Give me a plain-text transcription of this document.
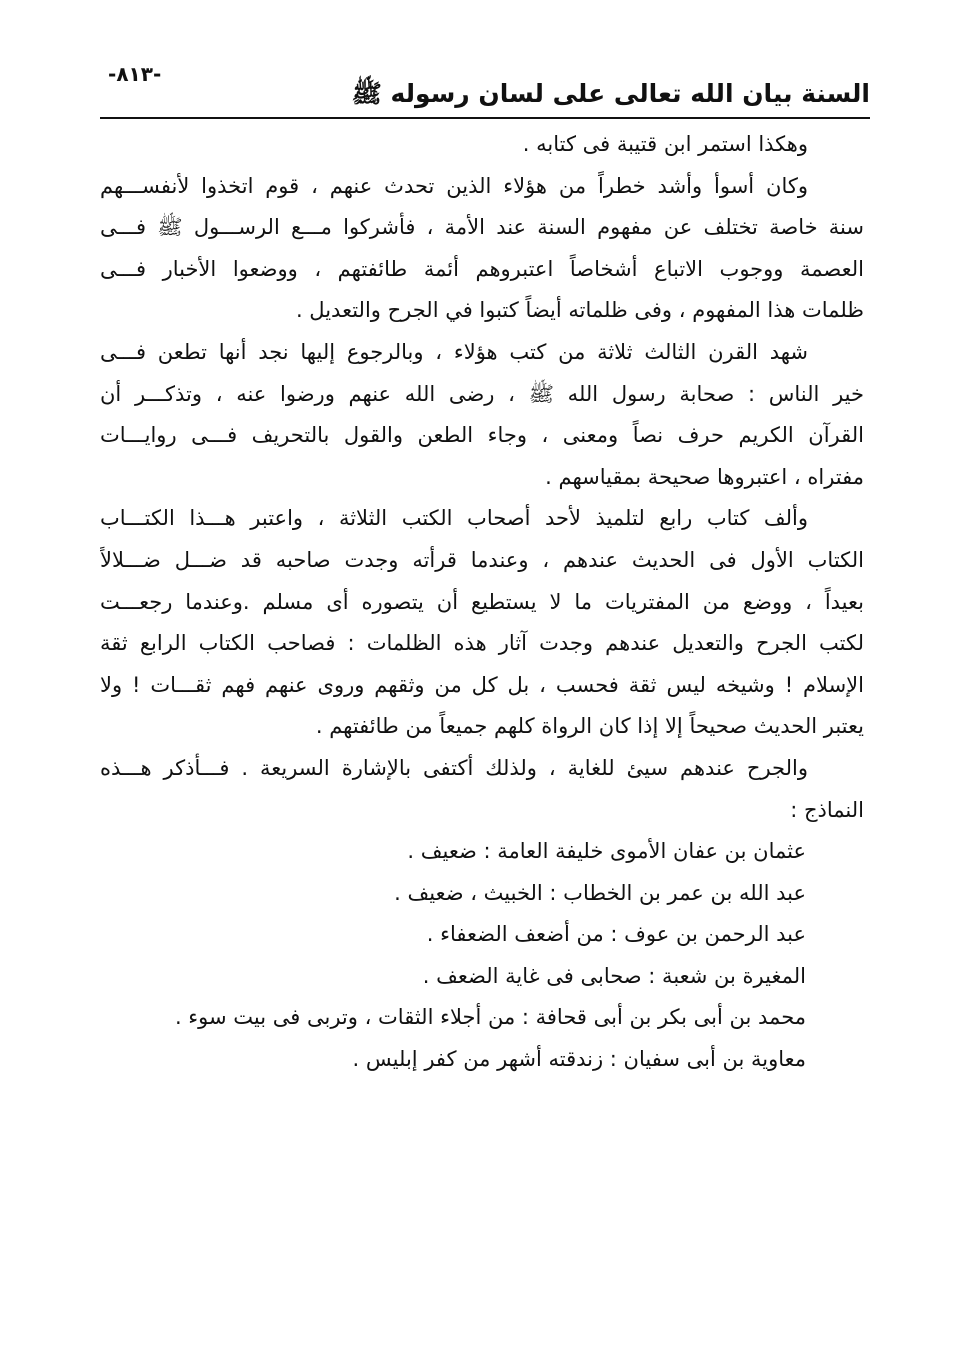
-٨١٣-
السنة بيان الله تعالى على لسان رسوله ﷺ
وهكذا استمر ابن قتيبة فى كتابه .
وكان أسوأ وأشد خطراً من هؤلاء الذين تحدث عنهم ، قوم اتخذوا لأنفســـهم
سنة خاصة تختلف عن مفهوم السنة عند الأمة ، فأشركوا مـــع الرســـول ﷺ فـــى
العصمة ووجوب الاتباع أشخاصاً اعتبروهم أئمة طائفتهم ، ووضعوا الأخبار فـــى
ظلمات هذا المفهوم ، وفى ظلماته أيضاً كتبوا في الجرح والتعديل .
شهد القرن الثالث ثلاثة من كتب هؤلاء ، وبالرجوع إليها نجد أنها تطعن فـــى
خير الناس : صحابة رسول الله ﷺ ، رضى الله عنهم ورضوا عنه ، وتذكـــر أن
القرآن الكريم حرف نصاً ومعنى ، وجاء الطعن والقول بالتحريف فـــى روايـــات
مفتراه ، اعتبروها صحيحة بمقياسهم .
وألف كتاب رابع لتلميذ لأحد أصحاب الكتب الثلاثة ، واعتبر هـــذا الكتـــاب
الكتاب الأول فى الحديث عندهم ، وعندما قرأته وجدت صاحبه قد ضـــل ضـــلالاً
بعيداً ، ووضع من المفتريات ما لا يستطيع أن يتصوره أى مسلم .وعندما رجعـــت
لكتب الجرح والتعديل عندهم وجدت آثار هذه الظلمات : فصاحب الكتاب الرابع ثقة
الإسلام ! وشيخه ليس ثقة فحسب ، بل كل من وثقهم وروى عنهم فهم ثقـــات ! ولا
يعتبر الحديث صحيحاً إلا إذا كان الرواة كلهم جميعاً من طائفتهم .
والجرح عندهم سيئ للغاية ، ولذلك أكتفى بالإشارة السريعة . فـــأذكر هـــذه
النماذج :
عثمان بن عفان الأموى خليفة العامة : ضعيف .
عبد الله بن عمر بن الخطاب : الخبيث ، ضعيف .
عبد الرحمن بن عوف : من أضعف الضعفاء .
المغيرة بن شعبة : صحابى فى غاية الضعف .
محمد بن أبى بكر بن أبى قحافة : من أجلاء الثقات ، وتربى فى بيت سوء .
معاوية بن أبى سفيان : زندقته أشهر من كفر إبليس .
